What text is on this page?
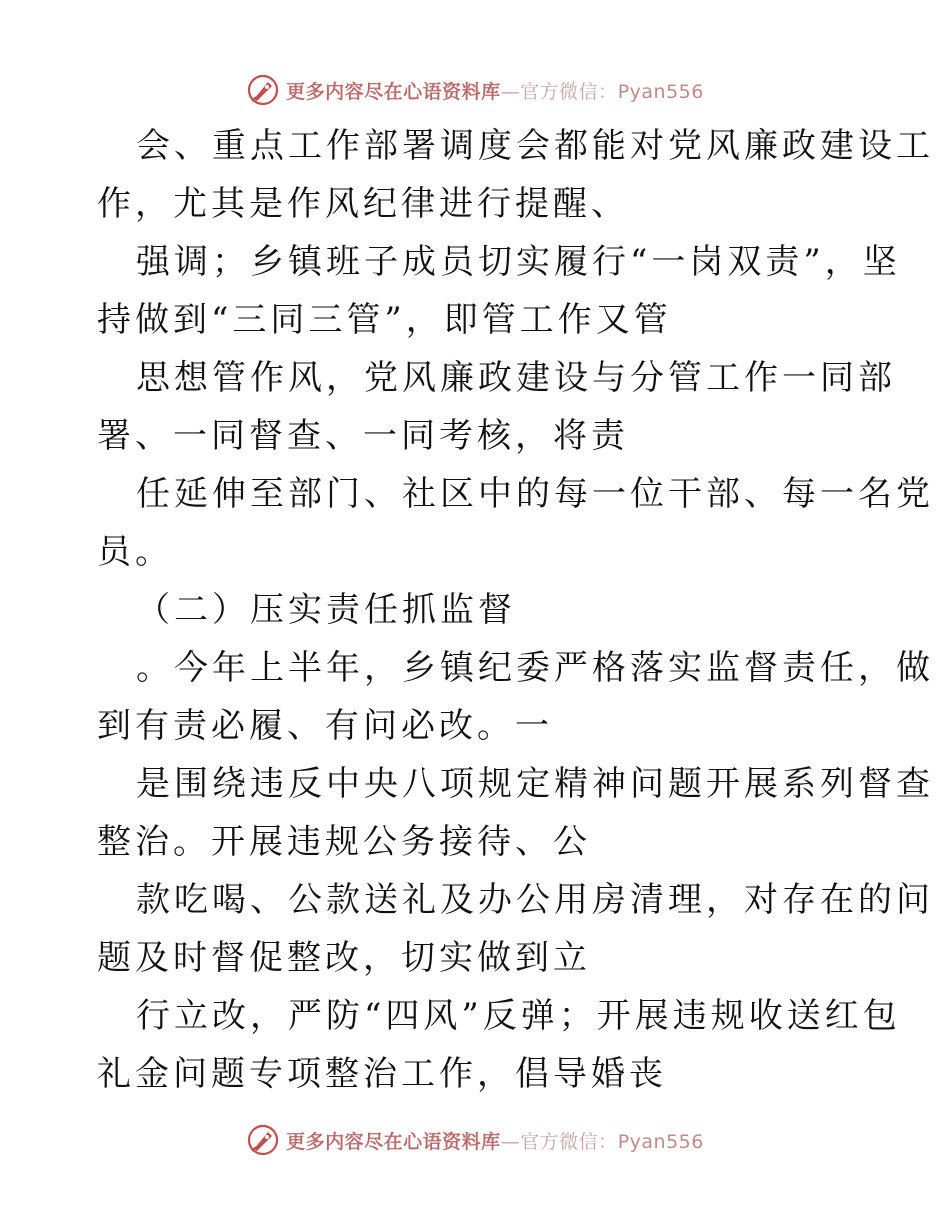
更多内容尽在心语资料库—官方微信：Pyan556
会、重点工作部署调度会都能对党风廉政建设工
作，尤其是作风纪律进行提醒、
强调；乡镇班子成员切实履行“一岗双责”，坚
持做到“三同三管”，即管工作又管
思想管作风，党风廉政建设与分管工作一同部
署、一同督查、一同考核，将责
任延伸至部门、社区中的每一位干部、每一名党
员。
（二）压实责任抓监督
。今年上半年，乡镇纪委严格落实监督责任，做
到有责必履、有问必改。一
是围绕违反中央八项规定精神问题开展系列督查
整治。开展违规公务接待、公
款吃喝、公款送礼及办公用房清理，对存在的问
题及时督促整改，切实做到立
行立改，严防“四风”反弹；开展违规收送红包
礼金问题专项整治工作，倡导婚丧
更多内容尽在心语资料库—官方微信：Pyan556
